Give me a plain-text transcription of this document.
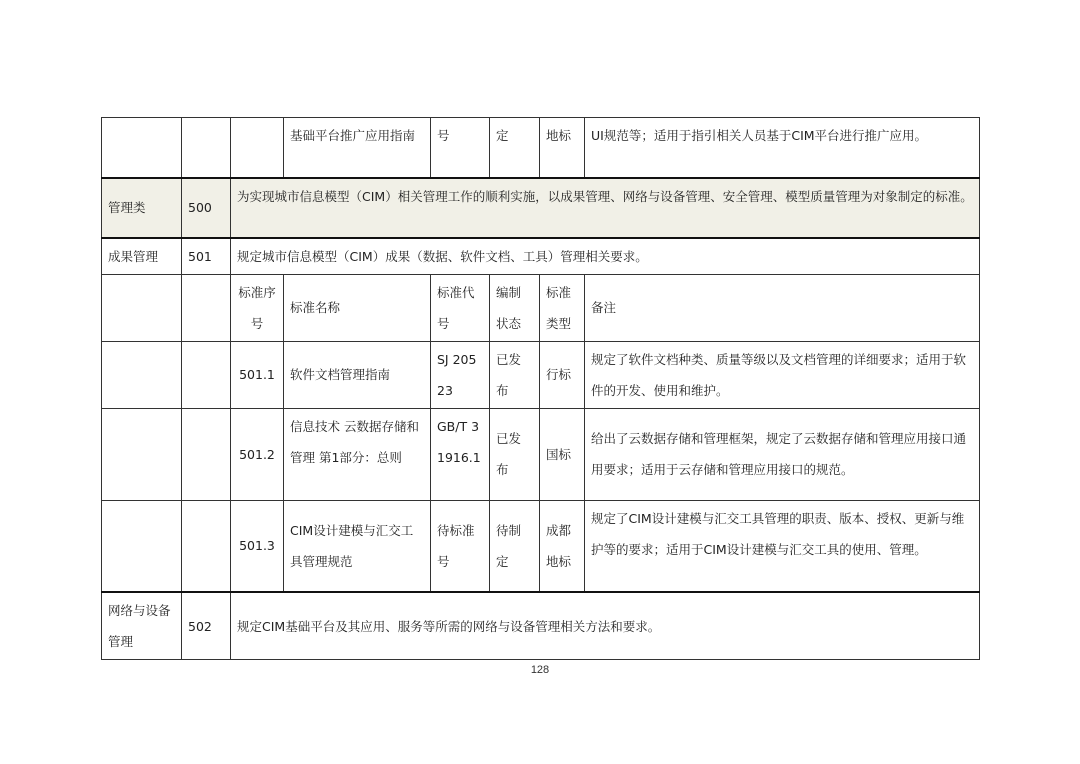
			基础平台推广应用指南	号	定	地标	UI规范等；适用于指引相关人员基于CIM平台进行推广应用。
管理类	500	为实现城市信息模型（CIM）相关管理工作的顺利实施，以成果管理、网络与设备管理、安全管理、模型质量管理为对象制定的标准。					
成果管理	501	规定城市信息模型（CIM）成果（数据、软件文档、工具）管理相关要求。					
		标准序号	标准名称	标准代号	编制状态	标准类型	备注
		501.1	软件文档管理指南	SJ 20523	已发布	行标	规定了软件文档种类、质量等级以及文档管理的详细要求；适用于软件的开发、使用和维护。
		501.2	信息技术 云数据存储和管理 第1部分：总则	GB/T 31916.1	已发布	国标	给出了云数据存储和管理框架，规定了云数据存储和管理应用接口通用要求；适用于云存储和管理应用接口的规范。
		501.3	CIM设计建模与汇交工具管理规范	待标准号	待制定	成都地标	规定了CIM设计建模与汇交工具管理的职责、版本、授权、更新与维护等的要求；适用于CIM设计建模与汇交工具的使用、管理。
网络与设备管理	502	规定CIM基础平台及其应用、服务等所需的网络与设备管理相关方法和要求。					
128
